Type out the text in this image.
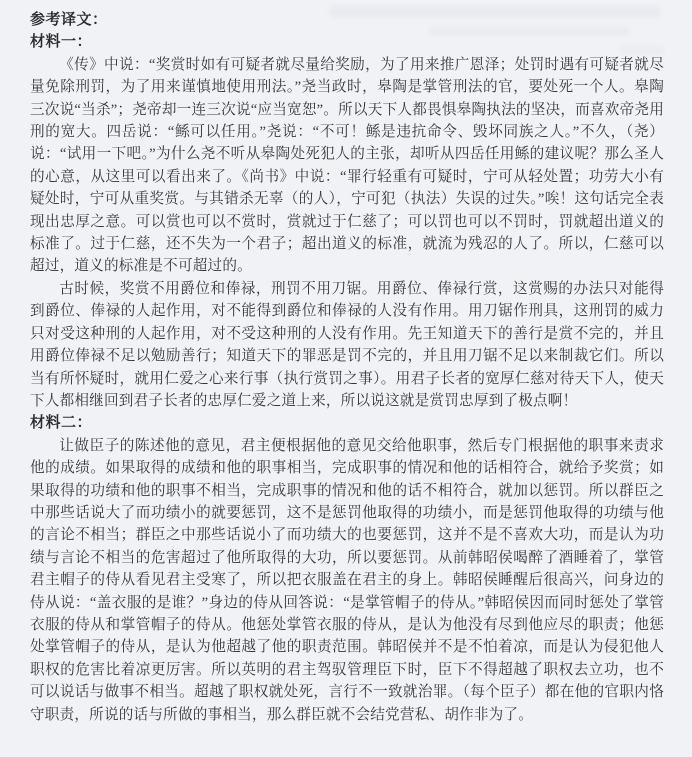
参考译文：
材料一：

《传》中说：“奖赏时如有可疑者就尽量给奖励，为了用来推广恩泽；处罚时遇有可疑者就尽量免除刑罚，为了用来谨慎地使用刑法。”尧当政时，皋陶是掌管刑法的官，要处死一个人。皋陶三次说“当杀”；尧帝却一连三次说“应当宽恕”。所以天下人都畏惧皋陶执法的坚决，而喜欢帝尧用刑的宽大。四岳说：“鲧可以任用。”尧说：“不可！鲧是违抗命令、毁坏同族之人。”不久，（尧）说：“试用一下吧。”为什么尧不听从皋陶处死犯人的主张，却听从四岳任用鲧的建议呢？那么圣人的心意，从这里可以看出来了。《尚书》中说：“罪行轻重有可疑时，宁可从轻处置；功劳大小有疑处时，宁可从重奖赏。与其错杀无辜（的人），宁可犯（执法）失误的过失。”唉！这句话完全表现出忠厚之意。可以赏也可以不赏时，赏就过于仁慈了；可以罚也可以不罚时，罚就超出道义的标准了。过于仁慈，还不失为一个君子；超出道义的标准，就流为残忍的人了。所以，仁慈可以超过，道义的标准是不可超过的。

古时候，奖赏不用爵位和俸禄，刑罚不用刀锯。用爵位、俸禄行赏，这赏赐的办法只对能得到爵位、俸禄的人起作用，对不能得到爵位和俸禄的人没有作用。用刀锯作刑具，这刑罚的威力只对受这种刑的人起作用，对不受这种刑的人没有作用。先王知道天下的善行是赏不完的，并且用爵位俸禄不足以勉励善行；知道天下的罪恶是罚不完的，并且用刀锯不足以来制裁它们。所以当有所怀疑时，就用仁爱之心来行事（执行赏罚之事）。用君子长者的宽厚仁慈对待天下人，使天下人都相继回到君子长者的忠厚仁爱之道上来，所以说这就是赏罚忠厚到了极点啊！

材料二：

让做臣子的陈述他的意见，君主便根据他的意见交给他职事，然后专门根据他的职事来责求他的成绩。如果取得的成绩和他的职事相当，完成职事的情况和他的话相符合，就给予奖赏；如果取得的功绩和他的职事不相当，完成职事的情况和他的话不相符合，就加以惩罚。所以群臣之中那些话说大了而功绩小的就要惩罚，这不是惩罚他取得的功绩小，而是惩罚他取得的功绩与他的言论不相当；群臣之中那些话说小了而功绩大的也要惩罚，这并不是不喜欢大功，而是认为功绩与言论不相当的危害超过了他所取得的大功，所以要惩罚。从前韩昭侯喝醉了酒睡着了，掌管君主帽子的侍从看见君主受寒了，所以把衣服盖在君主的身上。韩昭侯睡醒后很高兴，问身边的侍从说：“盖衣服的是谁？”身边的侍从回答说：“是掌管帽子的侍从。”韩昭侯因而同时惩处了掌管衣服的侍从和掌管帽子的侍从。他惩处掌管衣服的侍从，是认为他没有尽到他应尽的职责；他惩处掌管帽子的侍从，是认为他超越了他的职责范围。韩昭侯并不是不怕着凉，而是认为侵犯他人职权的危害比着凉更厉害。所以英明的君主驾驭管理臣下时，臣下不得超越了职权去立功，也不可以说话与做事不相当。超越了职权就处死，言行不一致就治罪。（每个臣子）都在他的官职内恪守职责，所说的话与所做的事相当，那么群臣就不会结党营私、胡作非为了。
